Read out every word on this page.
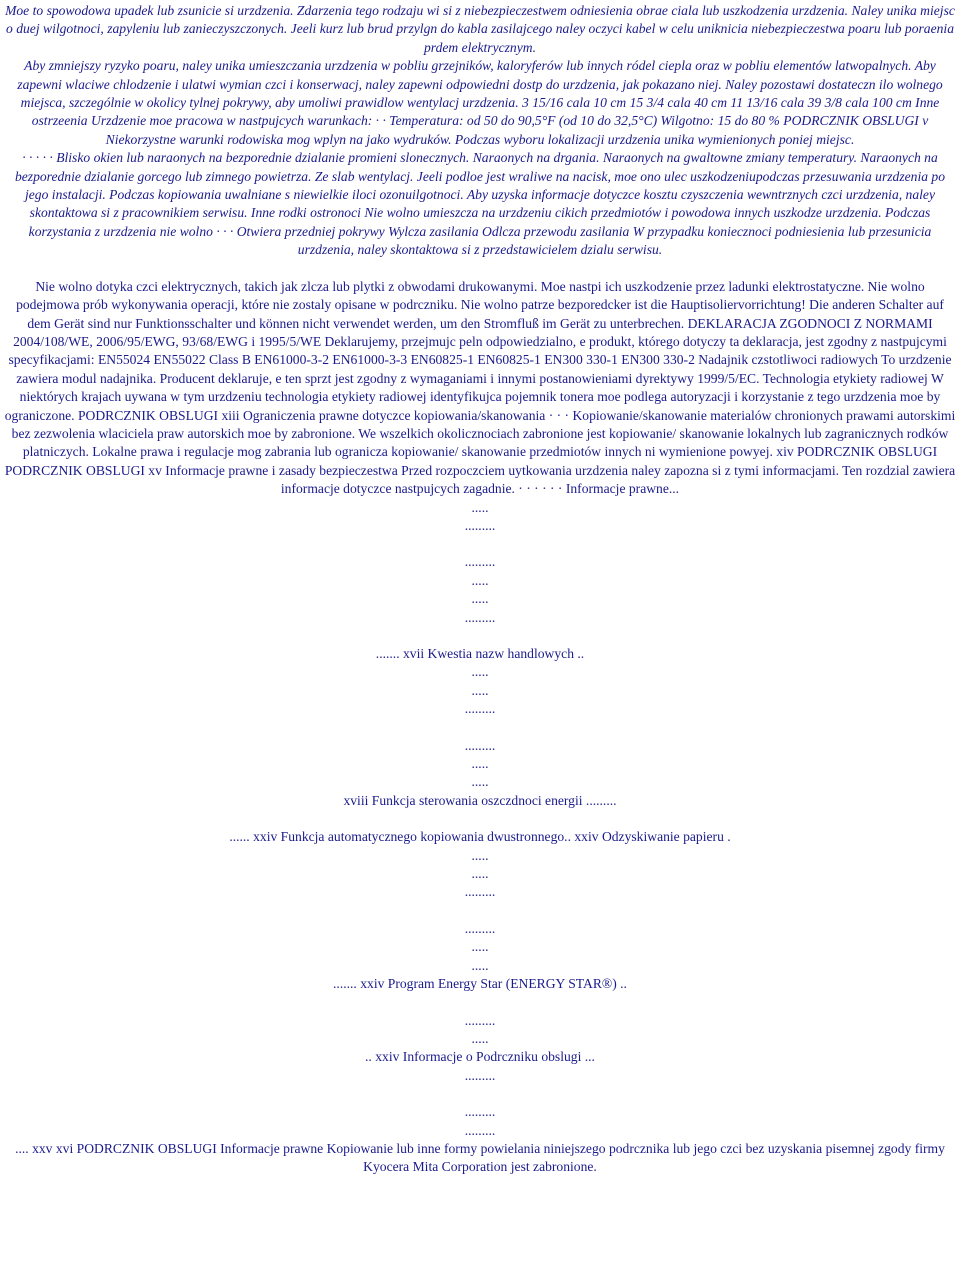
Moe to spowodowa upadek lub zsunicie si urzdzenia. Zdarzenia tego rodzaju wi si z niebezpieczestwem odniesienia obrae ciala lub uszkodzenia urzdzenia. Naley unika miejsc o duej wilgotnoci, zapyleniu lub zanieczyszczonych. Jeeli kurz lub brud przylgn do kabla zasilajcego naley oczyci kabel w celu uniknicia niebezpieczestwa poaru lub poraenia prdem elektrycznym.

Aby zmniejszy ryzyko poaru, naley unika umieszczania urzdzenia w pobliu grzejników, kaloryferów lub innych ródel ciepla oraz w pobliu elementów latwopalnych. Aby zapewni wlaciwe chlodzenie i ulatwi wymian czci i konserwacj, naley zapewni odpowiedni dostp do urzdzenia, jak pokazano niej. Naley pozostawi dostateczn ilo wolnego miejsca, szczególnie w okolicy tylnej pokrywy, aby umoliwi prawidlow wentylacj urzdzenia. 3 15/16 cala 10 cm 15 3/4 cala 40 cm 11 13/16 cala 39 3/8 cala 100 cm Inne ostrzeenia Urzdzenie moe pracowa w nastpujcych warunkach: · · Temperatura: od 50 do 90,5°F (od 10 do 32,5°C) Wilgotno: 15 do 80 % PODRCZNIK OBSLUGI v Niekorzystne warunki rodowiska mog wplyn na jako wydruków. Podczas wyboru lokalizacji urzdzenia unika wymienionych poniej miejsc.

· · · · · Blisko okien lub naraonych na bezporednie dzialanie promieni slonecznych. Naraonych na drgania. Naraonych na gwaltowne zmiany temperatury. Naraonych na bezporednie dzialanie gorcego lub zimnego powietrza. Ze slab wentylacj. Jeeli podloe jest wraliwe na nacisk, moe ono ulec uszkodzeniupodczas przesuwania urzdzenia po jego instalacji. Podczas kopiowania uwalniane s niewielkie iloci ozonuilgotnoci. Aby uzyska informacje dotyczce kosztu czyszczenia wewntrznych czci urzdzenia, naley skontaktowa si z pracownikiem serwisu. Inne rodki ostronoci Nie wolno umieszcza na urzdzeniu cikich przedmiotów i powodowa innych uszkodze urzdzenia. Podczas korzystania z urzdzenia nie wolno · · · Otwiera przedniej pokrywy Wylcza zasilania Odlcza przewodu zasilania W przypadku koniecznoci podniesienia lub przesunicia urzdzenia, naley skontaktowa si z przedstawicielem dzialu serwisu.

Nie wolno dotyka czci elektrycznych, takich jak zlcza lub plytki z obwodami drukowanymi. Moe nastpi ich uszkodzenie przez ladunki elektrostatyczne. Nie wolno podejmowa prób wykonywania operacji, które nie zostaly opisane w podrczniku. Nie wolno patrze bezporedcker ist die Hauptisoliervorrichtung! Die anderen Schalter auf dem Gerät sind nur Funktionsschalter und können nicht verwendet werden, um den Stromfluß im Gerät zu unterbrechen. DEKLARACJA ZGODNOCI Z NORMAMI 2004/108/WE, 2006/95/EWG, 93/68/EWG i 1995/5/WE Deklarujemy, przejmujc peln odpowiedzialno, e produkt, którego dotyczy ta deklaracja, jest zgodny z nastpujcymi specyfikacjami: EN55024 EN55022 Class B EN61000-3-2 EN61000-3-3 EN60825-1 EN60825-1 EN300 330-1 EN300 330-2 Nadajnik czstotliwoci radiowych To urzdzenie zawiera modul nadajnika. Producent deklaruje, e ten sprzt jest zgodny z wymaganiami i innymi postanowieniami dyrektywy 1999/5/EC. Technologia etykiety radiowej W niektórych krajach uywana w tym urzdzeniu technologia etykiety radiowej identyfikujca pojemnik tonera moe podlega autoryzacji i korzystanie z tego urzdzenia moe by ograniczone. PODRCZNIK OBSLUGI xiii Ograniczenia prawne dotyczce kopiowania/skanowania · · · Kopiowanie/skanowanie materialów chronionych prawami autorskimi bez zezwolenia wlaciciela praw autorskich moe by zabronione. We wszelkich okolicznociach zabronione jest kopiowanie/ skanowanie lokalnych lub zagranicznych rodków platniczych. Lokalne prawa i regulacje mog zabrania lub ogranicza kopiowanie/ skanowanie przedmiotów innych ni wymienione powyej. xiv PODRCZNIK OBSLUGI PODRCZNIK OBSLUGI xv Informacje prawne i zasady bezpieczestwa Przed rozpoczciem uytkowania urzdzenia naley zapozna si z tymi informacjami. Ten rozdzial zawiera informacje dotyczce nastpujcych zagadnie. · · · · · · Informacje prawne...

.....

.........

.........

.....

.....

.........

....... xvii Kwestia nazw handlowych ..

.....

.....

.........

.........

.....

.....

xviii Funkcja sterowania oszczdnoci energii .........

...... xxiv Funkcja automatycznego kopiowania dwustronnego.. xxiv Odzyskiwanie papieru .

.....

.....

.........

.........

.....

.....

....... xxiv Program Energy Star (ENERGY STAR®) ..

.........

.....

.. xxiv Informacje o Podrczniku obslugi ...

.........

.........

.........

.... xxv xvi PODRCZNIK OBSLUGI Informacje prawne Kopiowanie lub inne formy powielania niniejszego podrcznika lub jego czci bez uzyskania pisemnej zgody firmy Kyocera Mita Corporation jest zabronione.
